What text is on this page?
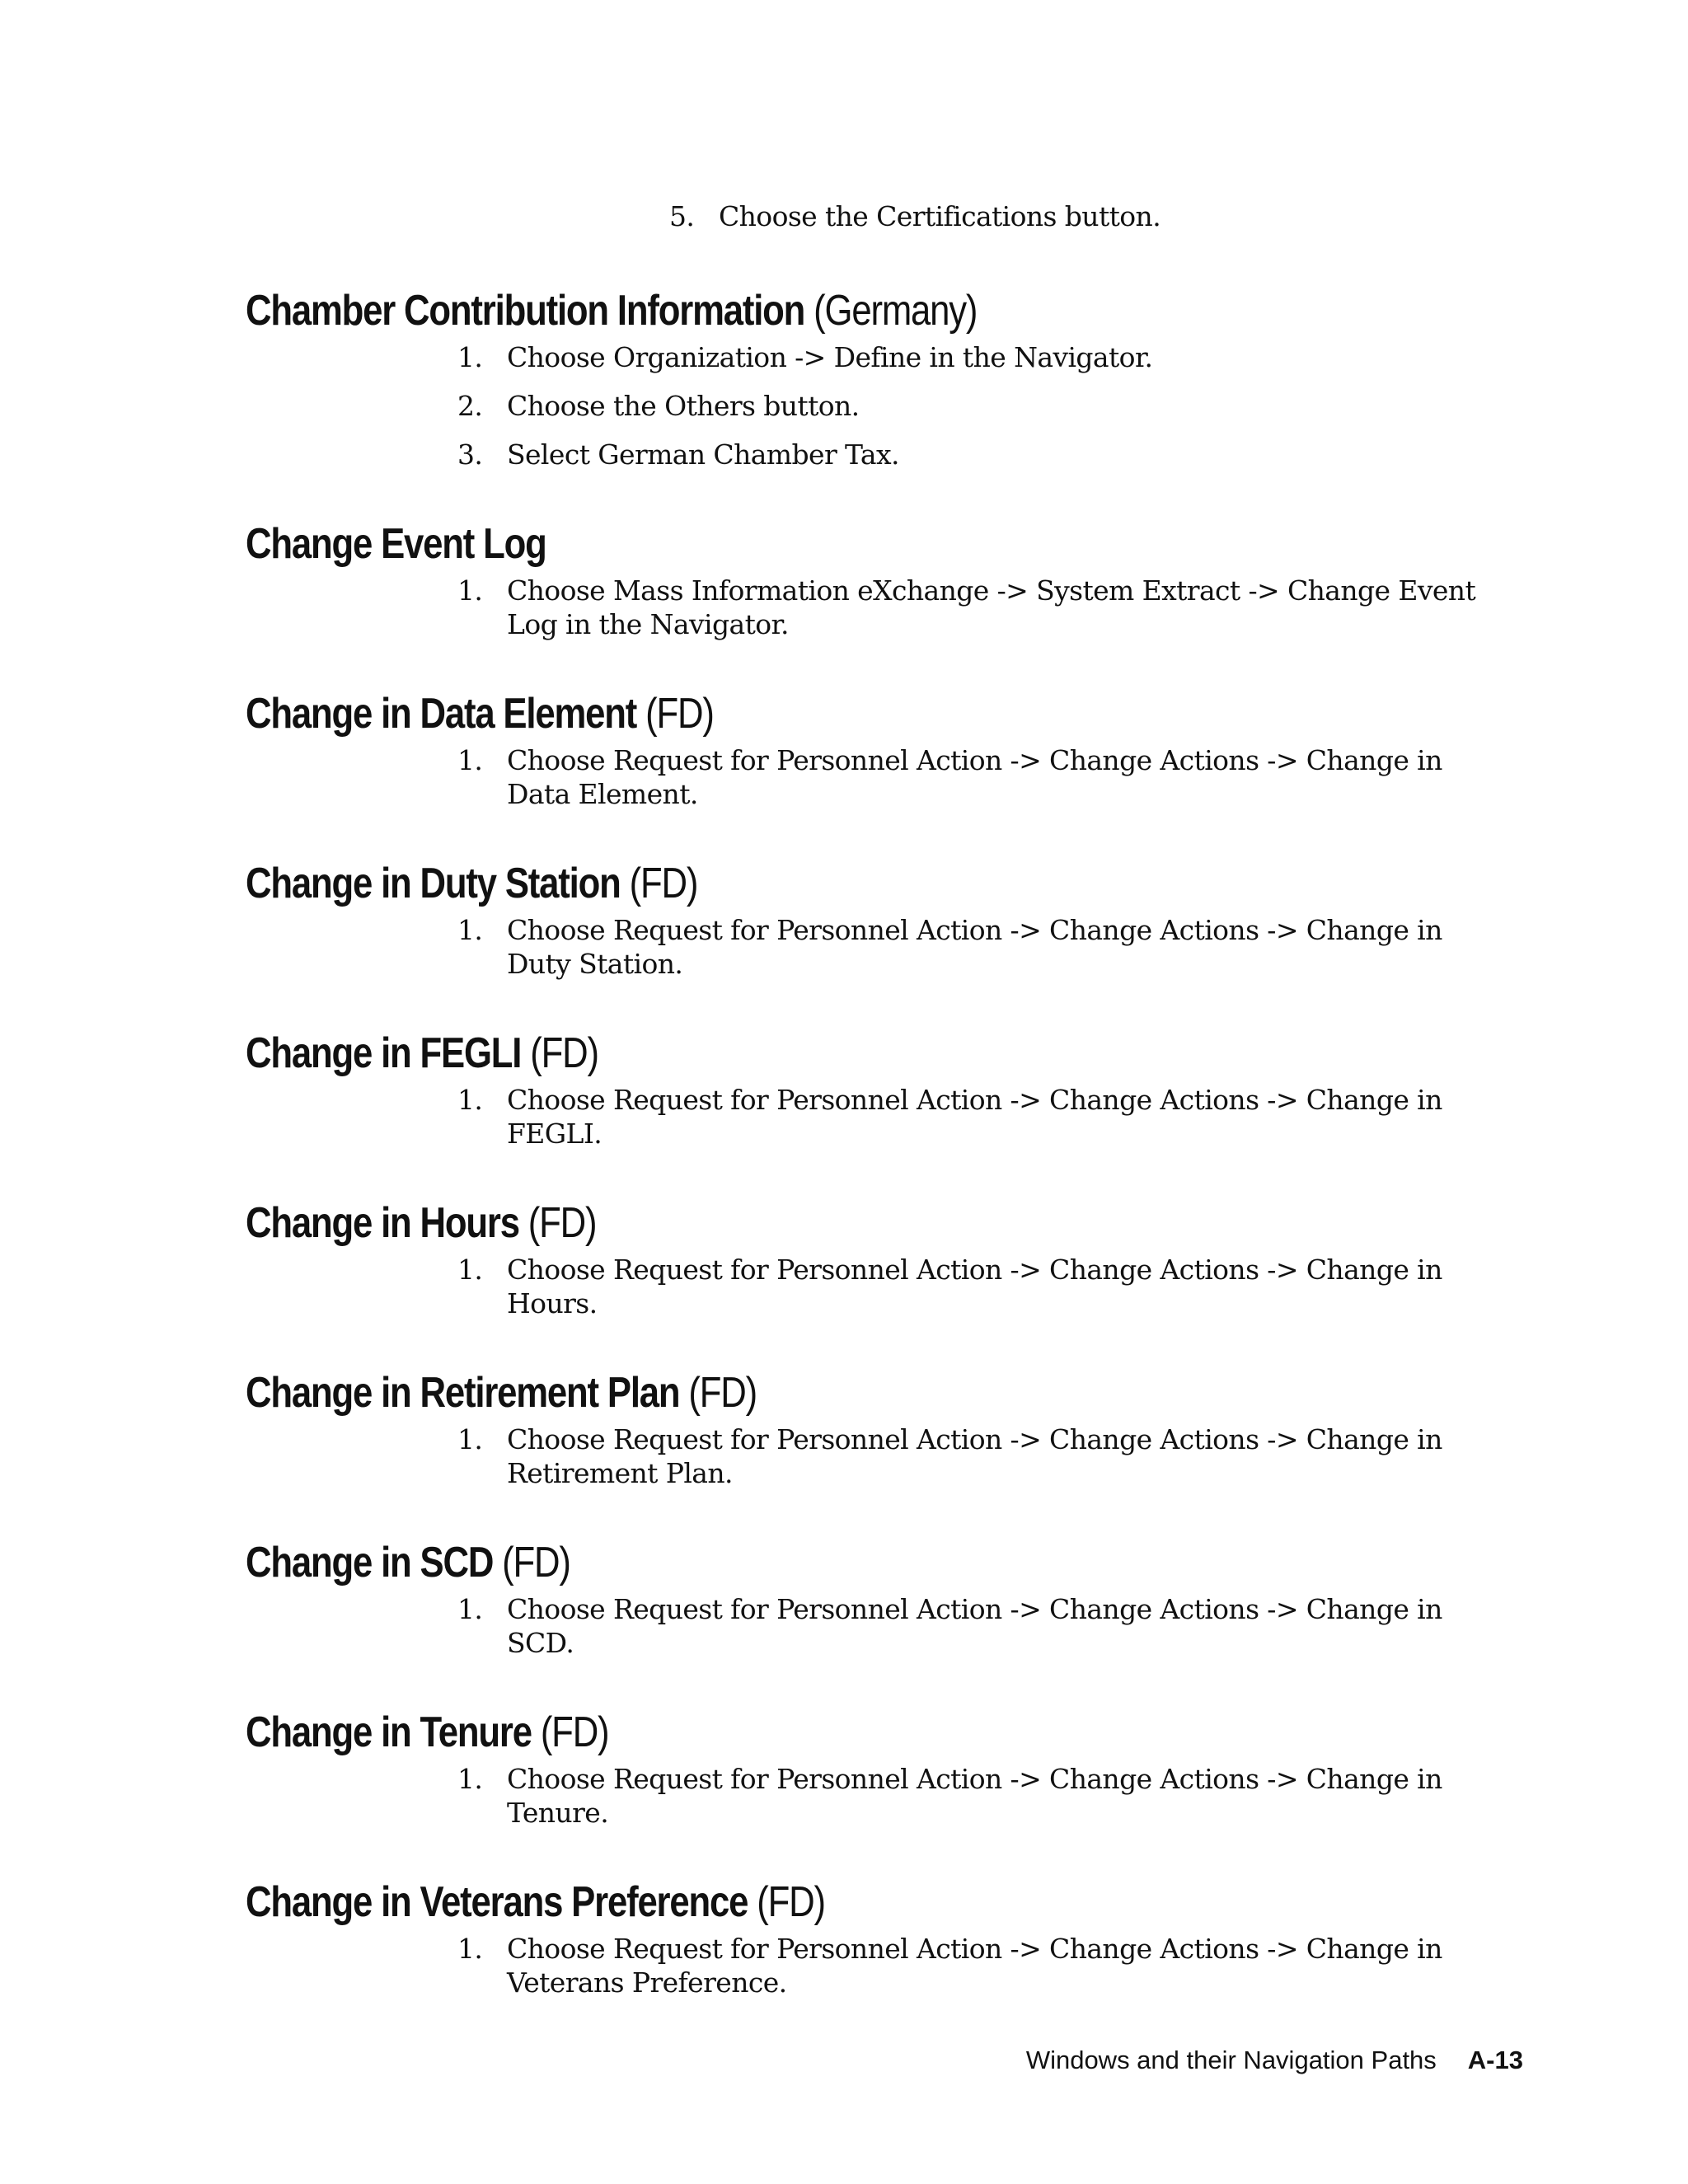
5. Choose the Certifications button.
Chamber Contribution Information (Germany)
1. Choose Organization -> Define in the Navigator.
2. Choose the Others button.
3. Select German Chamber Tax.
Change Event Log
1. Choose Mass Information eXchange -> System Extract -> Change Event Log in the Navigator.
Change in Data Element (FD)
1. Choose Request for Personnel Action -> Change Actions -> Change in Data Element.
Change in Duty Station (FD)
1. Choose Request for Personnel Action -> Change Actions -> Change in Duty Station.
Change in FEGLI (FD)
1. Choose Request for Personnel Action -> Change Actions -> Change in FEGLI.
Change in Hours (FD)
1. Choose Request for Personnel Action -> Change Actions -> Change in Hours.
Change in Retirement Plan (FD)
1. Choose Request for Personnel Action -> Change Actions -> Change in Retirement Plan.
Change in SCD (FD)
1. Choose Request for Personnel Action -> Change Actions -> Change in SCD.
Change in Tenure (FD)
1. Choose Request for Personnel Action -> Change Actions -> Change in Tenure.
Change in Veterans Preference (FD)
1. Choose Request for Personnel Action -> Change Actions -> Change in Veterans Preference.
Windows and their Navigation Paths A-13
